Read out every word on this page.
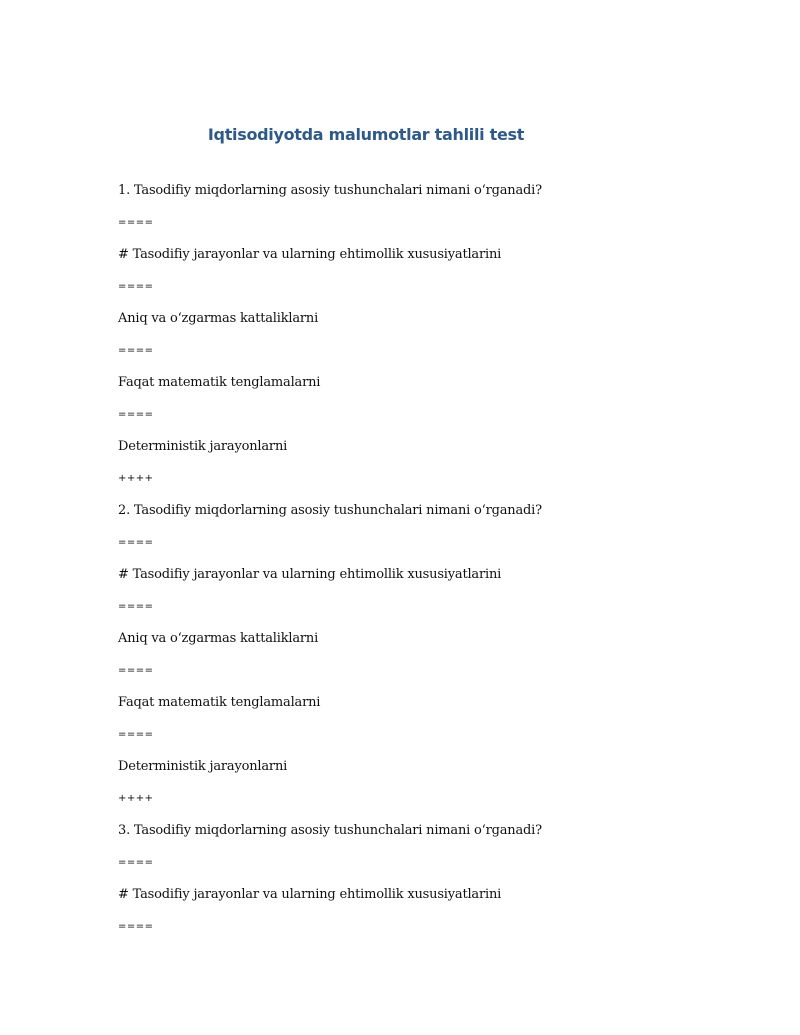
Iqtisodiyotda malumotlar tahlili test
1. Tasodifiy miqdorlarning asosiy tushunchalari nimani o‘rganadi?
====
# Tasodifiy jarayonlar va ularning ehtimollik xususiyatlarini
====
Aniq va o‘zgarmas kattaliklarni
====
Faqat matematik tenglamalarni
====
Deterministik jarayonlarni
++++
2. Tasodifiy miqdorlarning asosiy tushunchalari nimani o‘rganadi?
====
# Tasodifiy jarayonlar va ularning ehtimollik xususiyatlarini
====
Aniq va o‘zgarmas kattaliklarni
====
Faqat matematik tenglamalarni
====
Deterministik jarayonlarni
++++
3. Tasodifiy miqdorlarning asosiy tushunchalari nimani o‘rganadi?
====
# Tasodifiy jarayonlar va ularning ehtimollik xususiyatlarini
====
